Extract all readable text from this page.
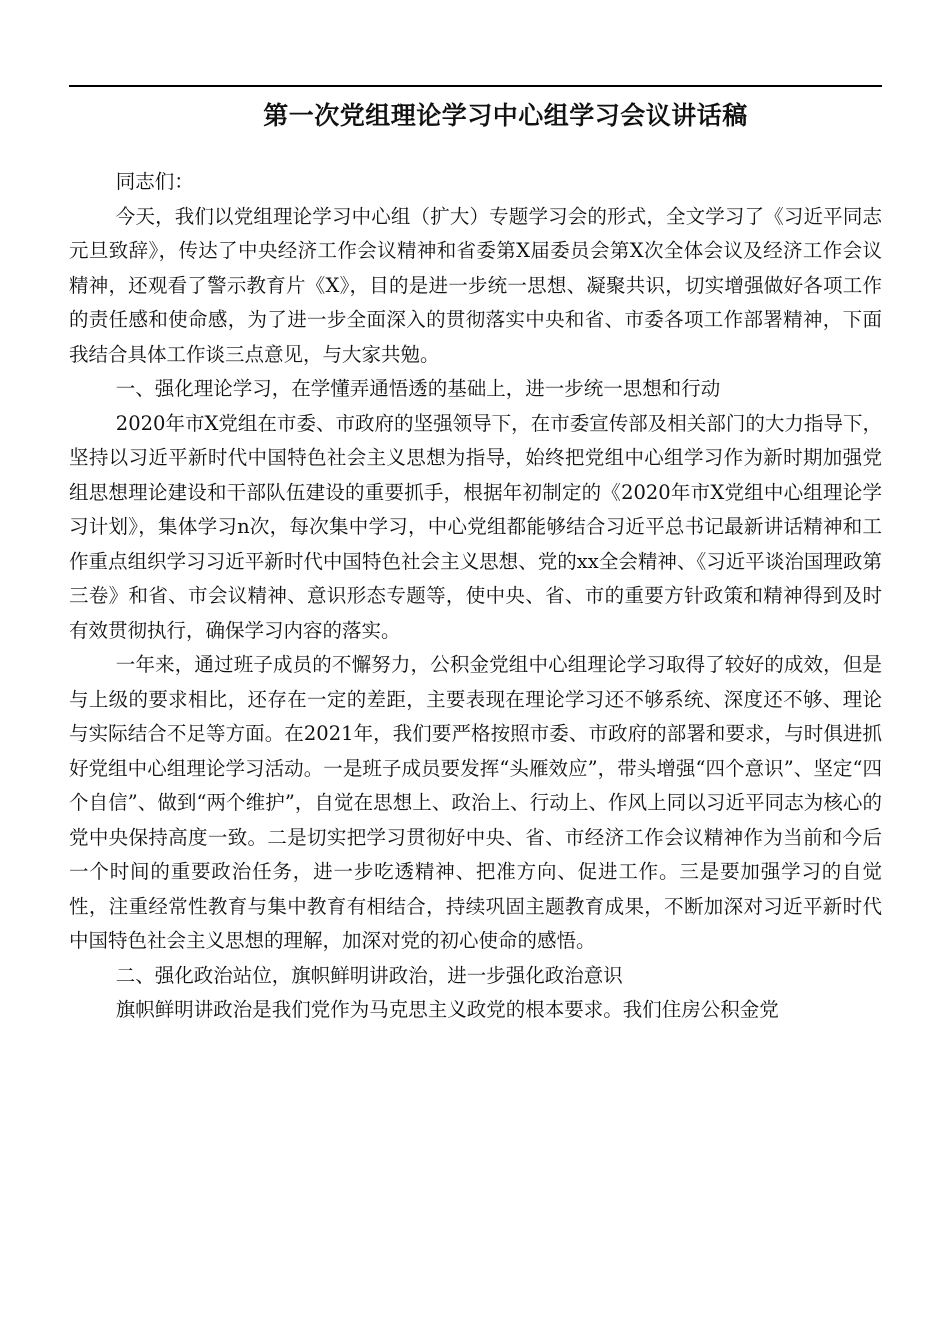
第一次党组理论学习中心组学习会议讲话稿

同志们：

今天，我们以党组理论学习中心组（扩大）专题学习会的形式，全文学习了《习近平同志元旦致辞》，传达了中央经济工作会议精神和省委第X届委员会第X次全体会议及经济工作会议精神，还观看了警示教育片《X》，目的是进一步统一思想、凝聚共识，切实增强做好各项工作的责任感和使命感，为了进一步全面深入的贯彻落实中央和省、市委各项工作部署精神，下面我结合具体工作谈三点意见，与大家共勉。

一、强化理论学习，在学懂弄通悟透的基础上，进一步统一思想和行动

2020年市X党组在市委、市政府的坚强领导下，在市委宣传部及相关部门的大力指导下，坚持以习近平新时代中国特色社会主义思想为指导，始终把党组中心组学习作为新时期加强党组思想理论建设和干部队伍建设的重要抓手，根据年初制定的《2020年市X党组中心组理论学习计划》，集体学习n次，每次集中学习，中心党组都能够结合习近平总书记最新讲话精神和工作重点组织学习习近平新时代中国特色社会主义思想、党的xx全会精神、《习近平谈治国理政第三卷》和省、市会议精神、意识形态专题等，使中央、省、市的重要方针政策和精神得到及时有效贯彻执行，确保学习内容的落实。

一年来，通过班子成员的不懈努力，公积金党组中心组理论学习取得了较好的成效，但是与上级的要求相比，还存在一定的差距，主要表现在理论学习还不够系统、深度还不够、理论与实际结合不足等方面。在2021年，我们要严格按照市委、市政府的部署和要求，与时俱进抓好党组中心组理论学习活动。一是班子成员要发挥“头雁效应”，带头增强“四个意识”、坚定“四个自信”、做到“两个维护”，自觉在思想上、政治上、行动上、作风上同以习近平同志为核心的党中央保持高度一致。二是切实把学习贯彻好中央、省、市经济工作会议精神作为当前和今后一个时间的重要政治任务，进一步吃透精神、把准方向、促进工作。三是要加强学习的自觉性，注重经常性教育与集中教育有相结合，持续巩固主题教育成果，不断加深对习近平新时代中国特色社会主义思想的理解，加深对党的初心使命的感悟。

二、强化政治站位，旗帜鲜明讲政治，进一步强化政治意识

旗帜鲜明讲政治是我们党作为马克思主义政党的根本要求。我们住房公积金党
